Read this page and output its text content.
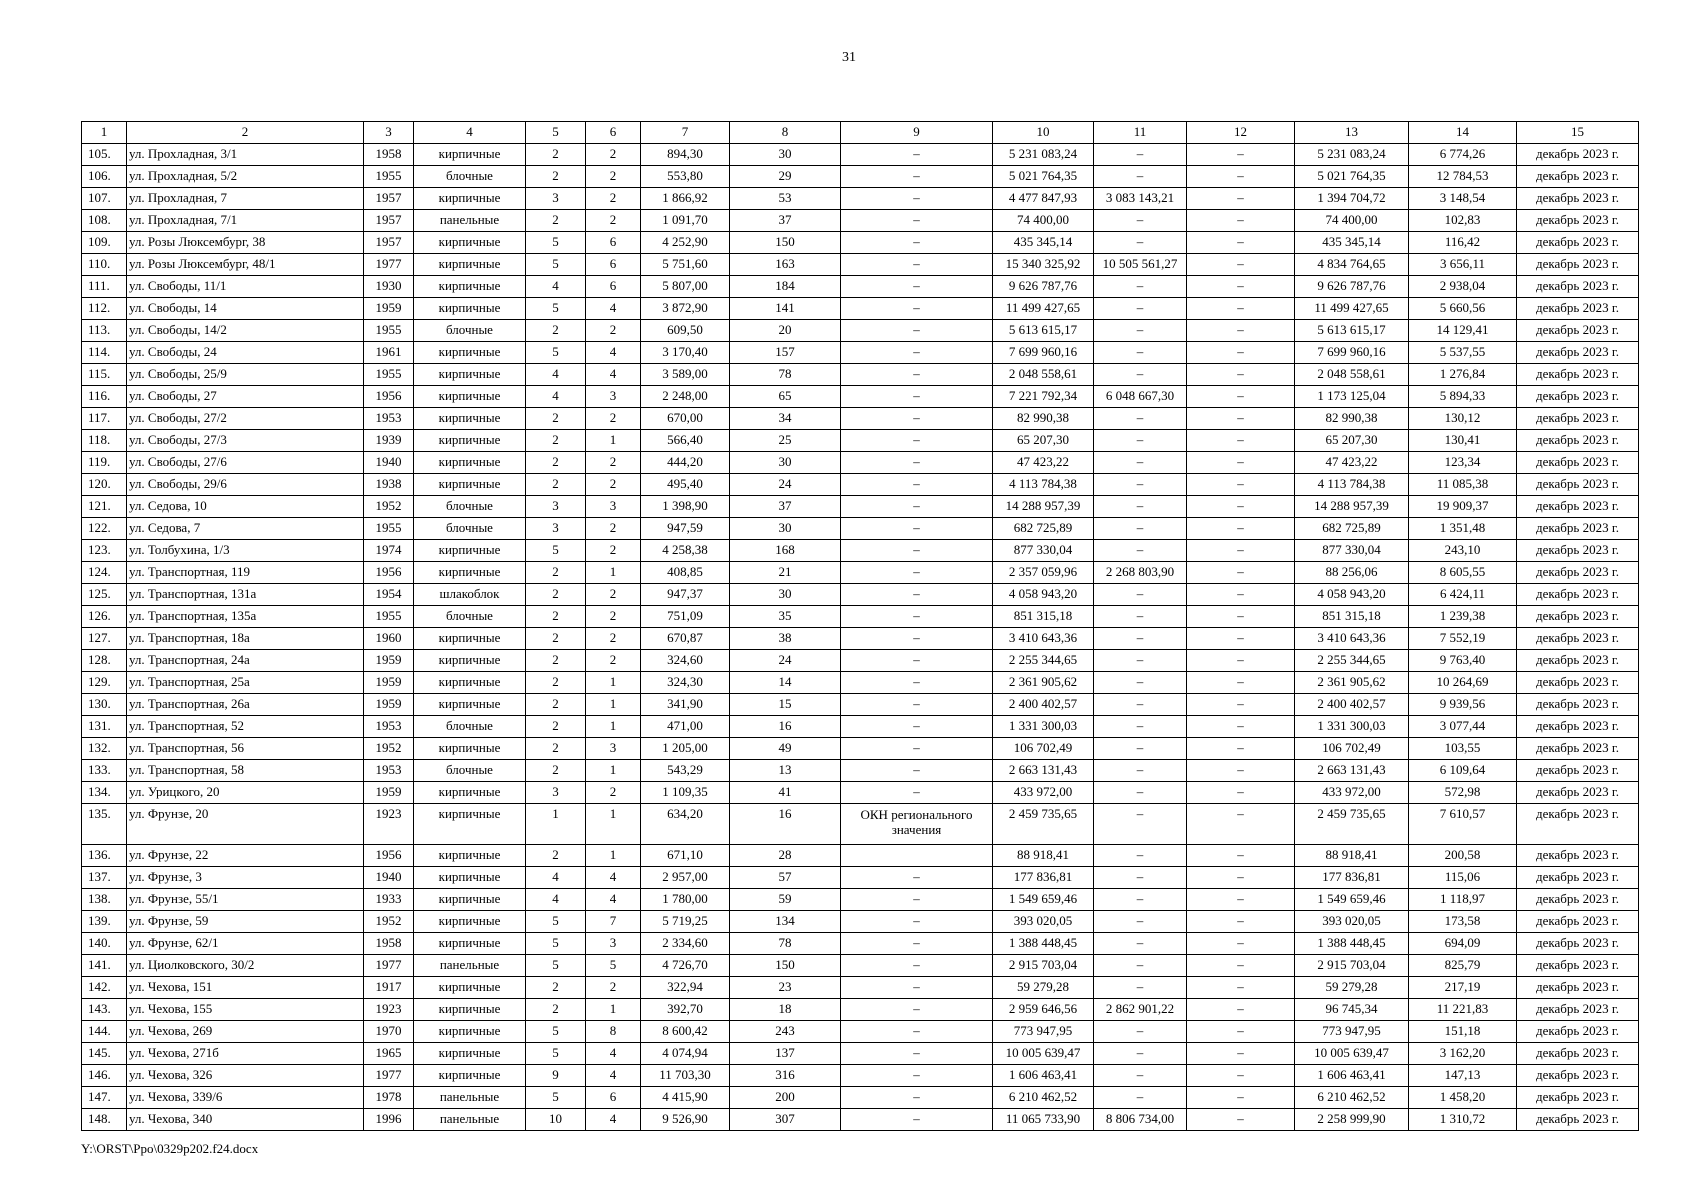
31
1	2	3	4	5	6	7	8	9	10	11	12	13	14	15
105.	ул. Прохладная, 3/1	1958	кирпичные	2	2	894,30	30	–	5 231 083,24	–	–	5 231 083,24	6 774,26	декабрь 2023 г.
106.	ул. Прохладная, 5/2	1955	блочные	2	2	553,80	29	–	5 021 764,35	–	–	5 021 764,35	12 784,53	декабрь 2023 г.
107.	ул. Прохладная, 7	1957	кирпичные	3	2	1 866,92	53	–	4 477 847,93	3 083 143,21	–	1 394 704,72	3 148,54	декабрь 2023 г.
108.	ул. Прохладная, 7/1	1957	панельные	2	2	1 091,70	37	–	74 400,00	–	–	74 400,00	102,83	декабрь 2023 г.
109.	ул. Розы Люксембург, 38	1957	кирпичные	5	6	4 252,90	150	–	435 345,14	–	–	435 345,14	116,42	декабрь 2023 г.
110.	ул. Розы Люксембург, 48/1	1977	кирпичные	5	6	5 751,60	163	–	15 340 325,92	10 505 561,27	–	4 834 764,65	3 656,11	декабрь 2023 г.
111.	ул. Свободы, 11/1	1930	кирпичные	4	6	5 807,00	184	–	9 626 787,76	–	–	9 626 787,76	2 938,04	декабрь 2023 г.
112.	ул. Свободы, 14	1959	кирпичные	5	4	3 872,90	141	–	11 499 427,65	–	–	11 499 427,65	5 660,56	декабрь 2023 г.
113.	ул. Свободы, 14/2	1955	блочные	2	2	609,50	20	–	5 613 615,17	–	–	5 613 615,17	14 129,41	декабрь 2023 г.
114.	ул. Свободы, 24	1961	кирпичные	5	4	3 170,40	157	–	7 699 960,16	–	–	7 699 960,16	5 537,55	декабрь 2023 г.
115.	ул. Свободы, 25/9	1955	кирпичные	4	4	3 589,00	78	–	2 048 558,61	–	–	2 048 558,61	1 276,84	декабрь 2023 г.
116.	ул. Свободы, 27	1956	кирпичные	4	3	2 248,00	65	–	7 221 792,34	6 048 667,30	–	1 173 125,04	5 894,33	декабрь 2023 г.
117.	ул. Свободы, 27/2	1953	кирпичные	2	2	670,00	34	–	82 990,38	–	–	82 990,38	130,12	декабрь 2023 г.
118.	ул. Свободы, 27/3	1939	кирпичные	2	1	566,40	25	–	65 207,30	–	–	65 207,30	130,41	декабрь 2023 г.
119.	ул. Свободы, 27/6	1940	кирпичные	2	2	444,20	30	–	47 423,22	–	–	47 423,22	123,34	декабрь 2023 г.
120.	ул. Свободы, 29/6	1938	кирпичные	2	2	495,40	24	–	4 113 784,38	–	–	4 113 784,38	11 085,38	декабрь 2023 г.
121.	ул. Седова, 10	1952	блочные	3	3	1 398,90	37	–	14 288 957,39	–	–	14 288 957,39	19 909,37	декабрь 2023 г.
122.	ул. Седова, 7	1955	блочные	3	2	947,59	30	–	682 725,89	–	–	682 725,89	1 351,48	декабрь 2023 г.
123.	ул. Толбухина, 1/3	1974	кирпичные	5	2	4 258,38	168	–	877 330,04	–	–	877 330,04	243,10	декабрь 2023 г.
124.	ул. Транспортная, 119	1956	кирпичные	2	1	408,85	21	–	2 357 059,96	2 268 803,90	–	88 256,06	8 605,55	декабрь 2023 г.
125.	ул. Транспортная, 131а	1954	шлакоблок	2	2	947,37	30	–	4 058 943,20	–	–	4 058 943,20	6 424,11	декабрь 2023 г.
126.	ул. Транспортная, 135а	1955	блочные	2	2	751,09	35	–	851 315,18	–	–	851 315,18	1 239,38	декабрь 2023 г.
127.	ул. Транспортная, 18а	1960	кирпичные	2	2	670,87	38	–	3 410 643,36	–	–	3 410 643,36	7 552,19	декабрь 2023 г.
128.	ул. Транспортная, 24а	1959	кирпичные	2	2	324,60	24	–	2 255 344,65	–	–	2 255 344,65	9 763,40	декабрь 2023 г.
129.	ул. Транспортная, 25а	1959	кирпичные	2	1	324,30	14	–	2 361 905,62	–	–	2 361 905,62	10 264,69	декабрь 2023 г.
130.	ул. Транспортная, 26а	1959	кирпичные	2	1	341,90	15	–	2 400 402,57	–	–	2 400 402,57	9 939,56	декабрь 2023 г.
131.	ул. Транспортная, 52	1953	блочные	2	1	471,00	16	–	1 331 300,03	–	–	1 331 300,03	3 077,44	декабрь 2023 г.
132.	ул. Транспортная, 56	1952	кирпичные	2	3	1 205,00	49	–	106 702,49	–	–	106 702,49	103,55	декабрь 2023 г.
133.	ул. Транспортная, 58	1953	блочные	2	1	543,29	13	–	2 663 131,43	–	–	2 663 131,43	6 109,64	декабрь 2023 г.
134.	ул. Урицкого, 20	1959	кирпичные	3	2	1 109,35	41	–	433 972,00	–	–	433 972,00	572,98	декабрь 2023 г.
135.	ул. Фрунзе, 20	1923	кирпичные	1	1	634,20	16	ОКН регионального значения	2 459 735,65	–	–	2 459 735,65	7 610,57	декабрь 2023 г.
136.	ул. Фрунзе, 22	1956	кирпичные	2	1	671,10	28		88 918,41	–	–	88 918,41	200,58	декабрь 2023 г.
137.	ул. Фрунзе, 3	1940	кирпичные	4	4	2 957,00	57	–	177 836,81	–	–	177 836,81	115,06	декабрь 2023 г.
138.	ул. Фрунзе, 55/1	1933	кирпичные	4	4	1 780,00	59	–	1 549 659,46	–	–	1 549 659,46	1 118,97	декабрь 2023 г.
139.	ул. Фрунзе, 59	1952	кирпичные	5	7	5 719,25	134	–	393 020,05	–	–	393 020,05	173,58	декабрь 2023 г.
140.	ул. Фрунзе, 62/1	1958	кирпичные	5	3	2 334,60	78	–	1 388 448,45	–	–	1 388 448,45	694,09	декабрь 2023 г.
141.	ул. Циолковского, 30/2	1977	панельные	5	5	4 726,70	150	–	2 915 703,04	–	–	2 915 703,04	825,79	декабрь 2023 г.
142.	ул. Чехова, 151	1917	кирпичные	2	2	322,94	23	–	59 279,28	–	–	59 279,28	217,19	декабрь 2023 г.
143.	ул. Чехова, 155	1923	кирпичные	2	1	392,70	18	–	2 959 646,56	2 862 901,22	–	96 745,34	11 221,83	декабрь 2023 г.
144.	ул. Чехова, 269	1970	кирпичные	5	8	8 600,42	243	–	773 947,95	–	–	773 947,95	151,18	декабрь 2023 г.
145.	ул. Чехова, 271б	1965	кирпичные	5	4	4 074,94	137	–	10 005 639,47	–	–	10 005 639,47	3 162,20	декабрь 2023 г.
146.	ул. Чехова, 326	1977	кирпичные	9	4	11 703,30	316	–	1 606 463,41	–	–	1 606 463,41	147,13	декабрь 2023 г.
147.	ул. Чехова, 339/6	1978	панельные	5	6	4 415,90	200	–	6 210 462,52	–	–	6 210 462,52	1 458,20	декабрь 2023 г.
148.	ул. Чехова, 340	1996	панельные	10	4	9 526,90	307	–	11 065 733,90	8 806 734,00	–	2 258 999,90	1 310,72	декабрь 2023 г.
Y:\ORST\Ppo\0329p202.f24.docx
